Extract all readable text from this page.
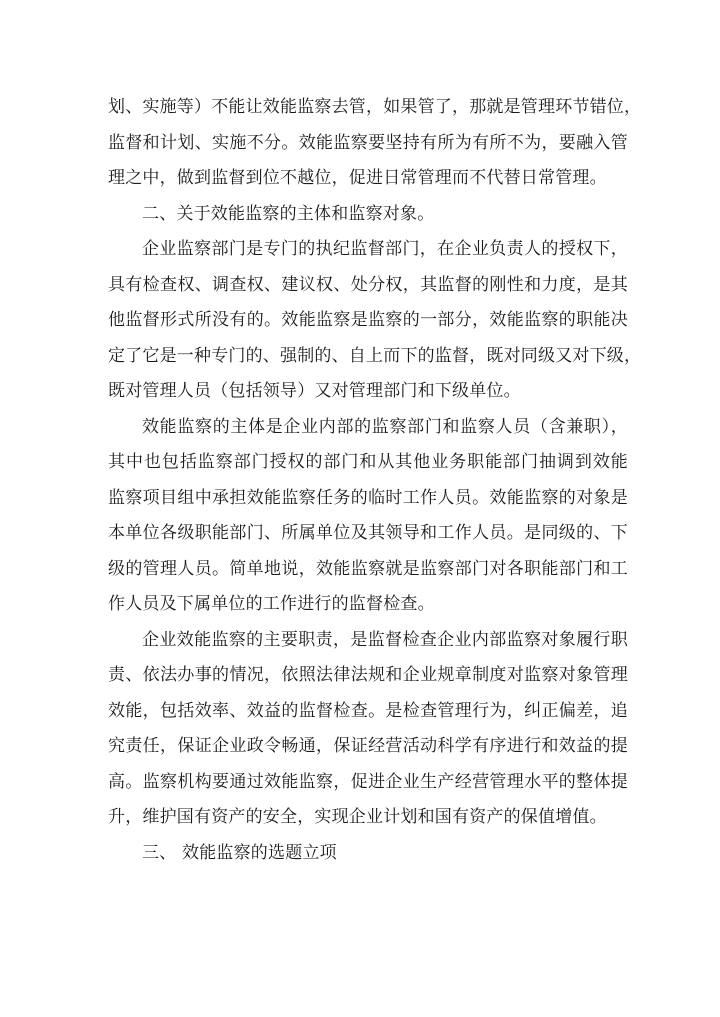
划、实施等）不能让效能监察去管，如果管了，那就是管理环节错位，
监督和计划、实施不分。效能监察要坚持有所为有所不为，要融入管
理之中，做到监督到位不越位，促进日常管理而不代替日常管理。
二、关于效能监察的主体和监察对象。
企业监察部门是专门的执纪监督部门，在企业负责人的授权下，
具有检查权、调查权、建议权、处分权，其监督的刚性和力度，是其
他监督形式所没有的。效能监察是监察的一部分，效能监察的职能决
定了它是一种专门的、强制的、自上而下的监督，既对同级又对下级，
既对管理人员（包括领导）又对管理部门和下级单位。
效能监察的主体是企业内部的监察部门和监察人员（含兼职），
其中也包括监察部门授权的部门和从其他业务职能部门抽调到效能
监察项目组中承担效能监察任务的临时工作人员。效能监察的对象是
本单位各级职能部门、所属单位及其领导和工作人员。是同级的、下
级的管理人员。简单地说，效能监察就是监察部门对各职能部门和工
作人员及下属单位的工作进行的监督检查。
企业效能监察的主要职责，是监督检查企业内部监察对象履行职
责、依法办事的情况，依照法律法规和企业规章制度对监察对象管理
效能，包括效率、效益的监督检查。是检查管理行为，纠正偏差，追
究责任，保证企业政令畅通，保证经营活动科学有序进行和效益的提
高。监察机构要通过效能监察，促进企业生产经营管理水平的整体提
升，维护国有资产的安全，实现企业计划和国有资产的保值增值。
三、 效能监察的选题立项
